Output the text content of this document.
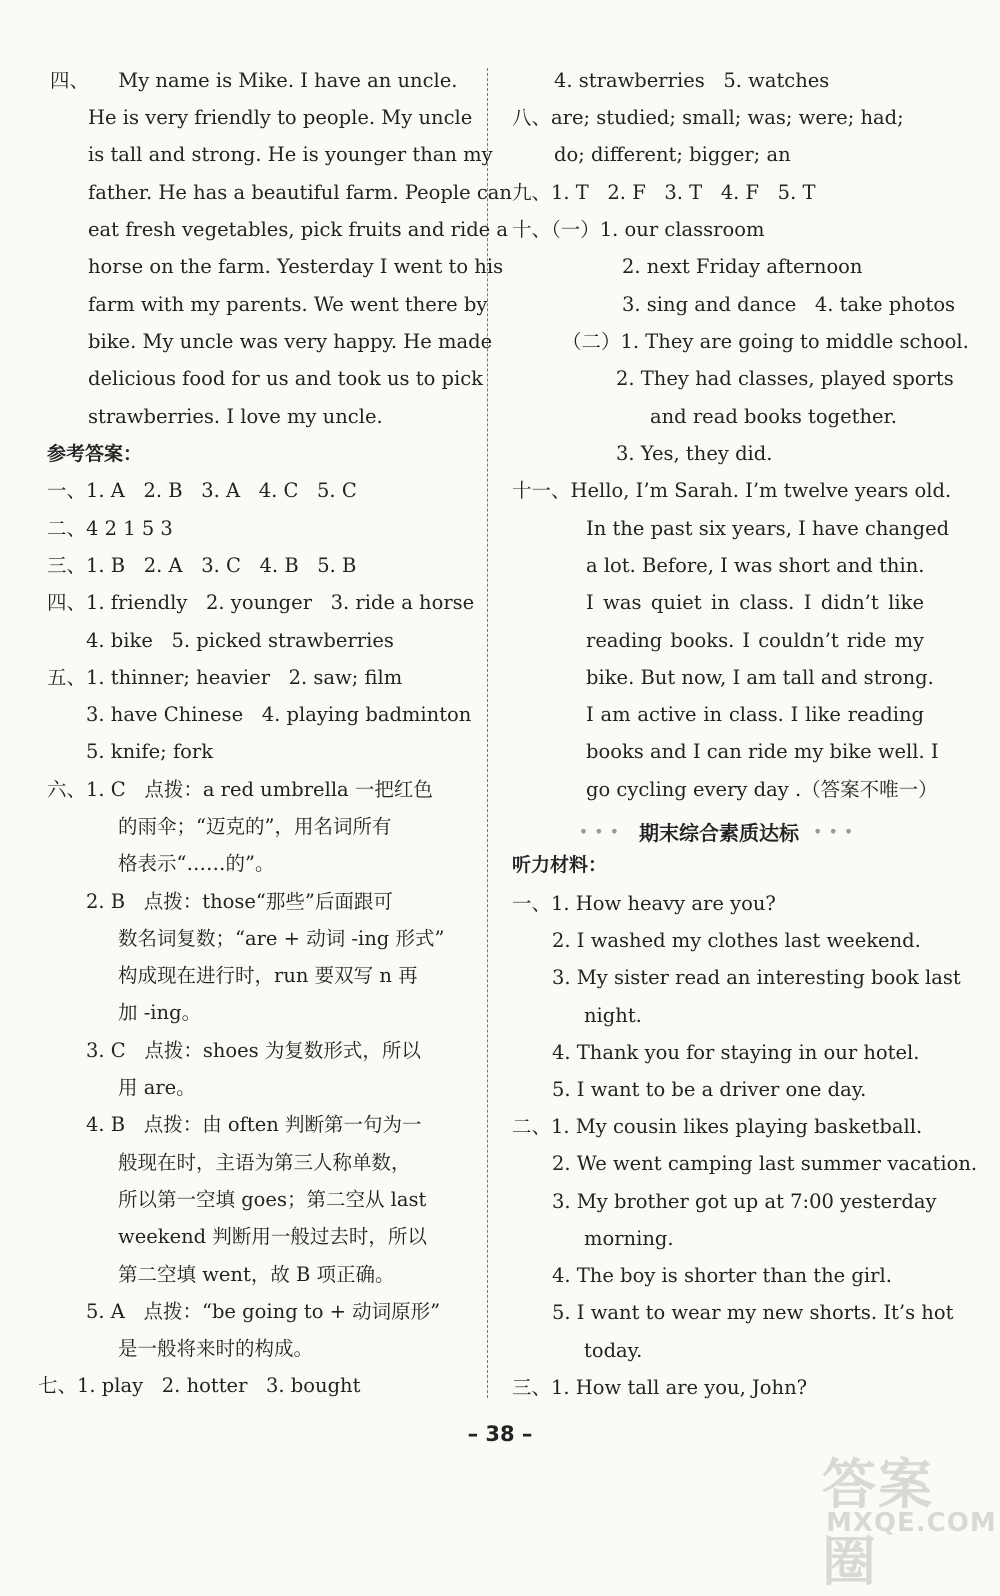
四、　　My name is Mike. I have an uncle.
He is very friendly to people. My uncle
is tall and strong. He is younger than my
father. He has a beautiful farm. People can
eat fresh vegetables, pick fruits and ride a
horse on the farm. Yesterday I went to his
farm with my parents. We went there by
bike. My uncle was very happy. He made
delicious food for us and took us to pick
strawberries. I love my uncle.
参考答案：
一、1. A   2. B   3. A   4. C   5. C
二、4 2 1 5 3
三、1. B   2. A   3. C   4. B   5. B
四、1. friendly   2. younger   3. ride a horse
4. bike   5. picked strawberries
五、1. thinner; heavier   2. saw; film
3. have Chinese   4. playing badminton
5. knife; fork
六、1. C   点拨：a red umbrella 一把红色
的雨伞；“迈克的”，用名词所有
格表示“……的”。
2. B   点拨：those“那些”后面跟可
数名词复数；“are + 动词 -ing 形式”
构成现在进行时，run 要双写 n 再
加 -ing。
3. C   点拨：shoes 为复数形式，所以
用 are。
4. B   点拨：由 often 判断第一句为一
般现在时，主语为第三人称单数，
所以第一空填 goes；第二空从 last
weekend 判断用一般过去时，所以
第二空填 went，故 B 项正确。
5. A   点拨：“be going to + 动词原形”
是一般将来时的构成。
七、1. play   2. hotter   3. bought
4. strawberries   5. watches
八、are; studied; small; was; were; had;
do; different; bigger; an
九、1. T   2. F   3. T   4. F   5. T
十、（一）1. our classroom
2. next Friday afternoon
3. sing and dance   4. take photos
（二）1. They are going to middle school.
2. They had classes, played sports
and read books together.
3. Yes, they did.
十一、Hello, I’m Sarah. I’m twelve years old.
In the past six years, I have changed
a lot. Before, I was short and thin.
I was quiet in class. I didn’t like
reading books. I couldn’t ride my
bike. But now, I am tall and strong.
I am active in class. I like reading
books and I can ride my bike well. I
go cycling every day .（答案不唯一）
••• 期末综合素质达标 •••
听力材料：
一、1. How heavy are you?
2. I washed my clothes last weekend.
3. My sister read an interesting book last
night.
4. Thank you for staying in our hotel.
5. I want to be a driver one day.
二、1. My cousin likes playing basketball.
2. We went camping last summer vacation.
3. My brother got up at 7:00 yesterday
morning.
4. The boy is shorter than the girl.
5. I want to wear my new shorts. It’s hot
today.
三、1. How tall are you, John?
– 38 –
答案圈
MXQE.COM
